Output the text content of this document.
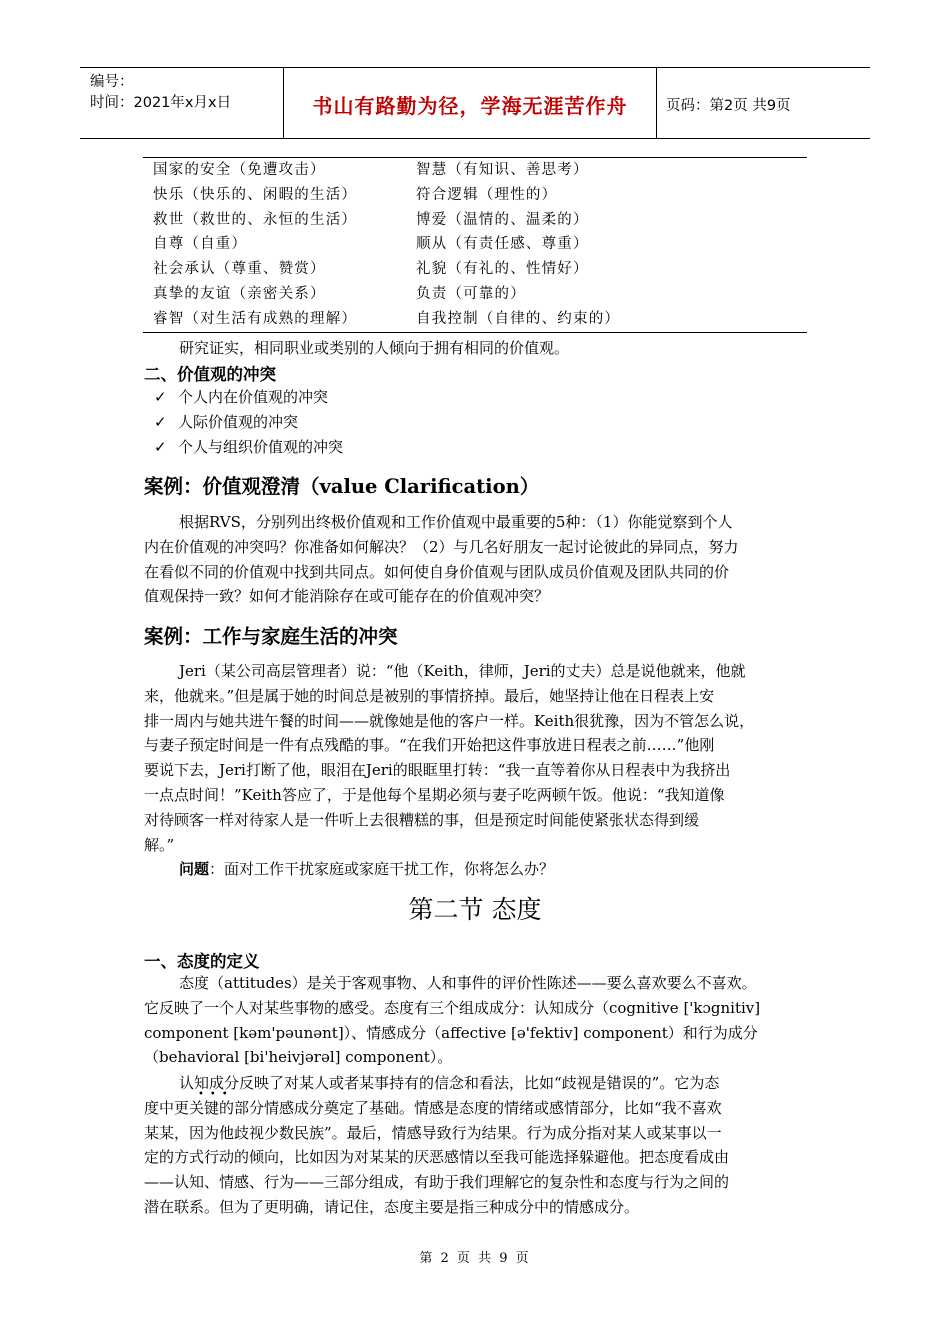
编号：
时间：2021年x月x日	书山有路勤为径，学海无涯苦作舟	页码：第2页 共9页
国家的安全（免遭攻击）	智慧（有知识、善思考）
快乐（快乐的、闲暇的生活）	符合逻辑（理性的）
救世（救世的、永恒的生活）	博爱（温情的、温柔的）
自尊（自重）	顺从（有责任感、尊重）
社会承认（尊重、赞赏）	礼貌（有礼的、性情好）
真挚的友谊（亲密关系）	负责（可靠的）
睿智（对生活有成熟的理解）	自我控制（自律的、约束的）
研究证实，相同职业或类别的人倾向于拥有相同的价值观。
二、价值观的冲突
✓ 个人内在价值观的冲突
✓ 人际价值观的冲突
✓ 个人与组织价值观的冲突
案例：价值观澄清（value Clarification）
根据RVS，分别列出终极价值观和工作价值观中最重要的5种：（1）你能觉察到个人
内在价值观的冲突吗？你准备如何解决？（2）与几名好朋友一起讨论彼此的异同点，努力
在看似不同的价值观中找到共同点。如何使自身价值观与团队成员价值观及团队共同的价
值观保持一致？如何才能消除存在或可能存在的价值观冲突？
案例：工作与家庭生活的冲突
Jeri（某公司高层管理者）说：“他（Keith，律师，Jeri的丈夫）总是说他就来，他就
来，他就来。”但是属于她的时间总是被别的事情挤掉。最后，她坚持让他在日程表上安
排一周内与她共进午餐的时间——就像她是他的客户一样。Keith很犹豫，因为不管怎么说，
与妻子预定时间是一件有点残酷的事。“在我们开始把这件事放进日程表之前……”他刚
要说下去，Jeri打断了他，眼泪在Jeri的眼眶里打转：“我一直等着你从日程表中为我挤出
一点点时间！”Keith答应了，于是他每个星期必须与妻子吃两顿午饭。他说：“我知道像
对待顾客一样对待家人是一件听上去很糟糕的事，但是预定时间能使紧张状态得到缓
解。”
问题：面对工作干扰家庭或家庭干扰工作，你将怎么办？
第二节 态度
一、态度的定义
态度（attitudes）是关于客观事物、人和事件的评价性陈述——要么喜欢要么不喜欢。
它反映了一个人对某些事物的感受。态度有三个组成成分：认知成分（cognitive ['kɔgnitiv]
component [kəm'pəunənt]）、情感成分（affective [ə'fektiv] component）和行为成分
（behavioral [bi'heivjərəl] component）。
认知成分反映了对某人或者某事持有的信念和看法，比如“歧视是错误的”。它为态
度中更关键的部分情感成分奠定了基础。情感是态度的情绪或感情部分，比如“我不喜欢
某某，因为他歧视少数民族”。最后，情感导致行为结果。行为成分指对某人或某事以一
定的方式行动的倾向，比如因为对某某的厌恶感情以至我可能选择躲避他。把态度看成由
——认知、情感、行为——三部分组成，有助于我们理解它的复杂性和态度与行为之间的
潜在联系。但为了更明确，请记住，态度主要是指三种成分中的情感成分。
•••
第 2 页 共 9 页
